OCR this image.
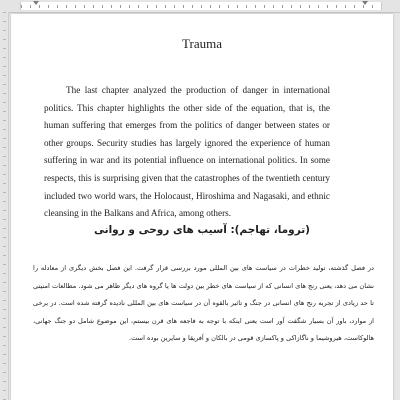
Trauma

The last chapter analyzed the production of danger in international politics. This chapter highlights the other side of the equation, that is, the human suffering that emerges from the politics of danger between states or other groups. Security studies has largely ignored the experience of human suffering in war and its potential influence on international politics. In some respects, this is surprising given that the catastrophes of the twentieth century included two world wars, the Holocaust, Hiroshima and Nagasaki, and ethnic cleansing in the Balkans and Africa, among others.

(تروما، تهاجم): آسیب های روحی و روانی

در فصل گذشته، تولید خطرات در سیاست های بین المللی مورد بررسی قرار گرفت. این فصل بخش دیگری از معادله را نشان می دهد، یعنی رنج های انسانی که از سیاست های خطر بین دولت ها یا گروه های دیگر ظاهر می شود. مطالعات امنیتی تا حد زیادی از تجربه رنج های انسانی در جنگ و تاثیر بالقوه آن در سیاست های بین المللی نادیده گرفته شده است. در برخی از موارد، باور آن بسیار شگفت آور است یعنی اینکه با توجه به فاجعه های قرن بیستم، این موضوع شامل دو جنگ جهانی، هالوکاست، هیروشیما و ناگازاکی و پاکسازی قومی در بالکان و آفریقا و سایرین بوده است.
